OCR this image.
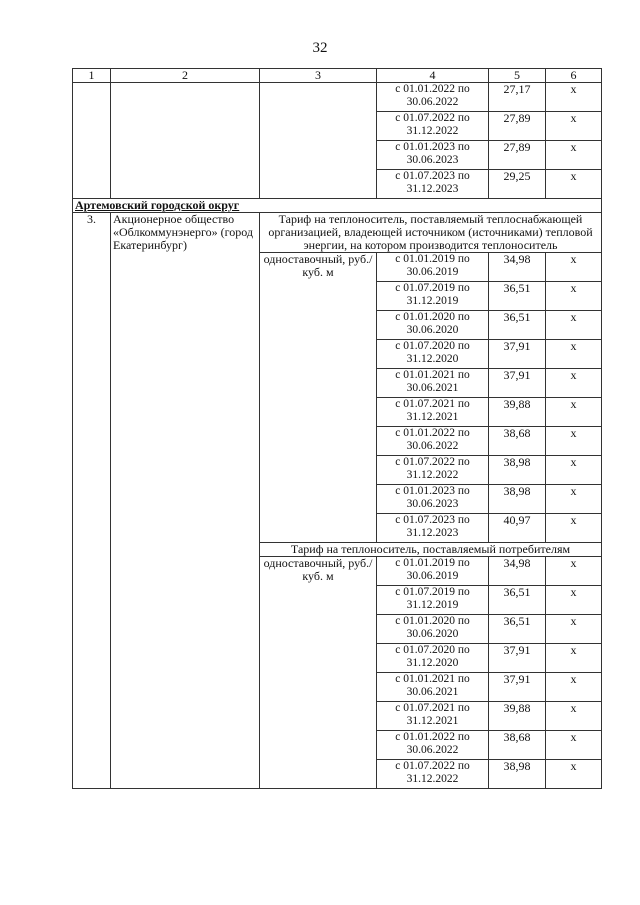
32
1	2	3	4	5	6
			с 01.01.2022 по 30.06.2022	27,17	x
			с 01.07.2022 по 31.12.2022	27,89	x
			с 01.01.2023 по 30.06.2023	27,89	x
			с 01.07.2023 по 31.12.2023	29,25	x
Артемовский городской округ					
3.	Акционерное общество «Облкоммунэнерго» (город Екатеринбург)	Тариф на теплоноситель, поставляемый теплоснабжающей организацией, владеющей источником (источниками) тепловой энергии, на котором производится теплоноситель			
		одноставочный, руб./куб. м	с 01.01.2019 по 30.06.2019	34,98	x
			с 01.07.2019 по 31.12.2019	36,51	x
			с 01.01.2020 по 30.06.2020	36,51	x
			с 01.07.2020 по 31.12.2020	37,91	x
			с 01.01.2021 по 30.06.2021	37,91	x
			с 01.07.2021 по 31.12.2021	39,88	x
			с 01.01.2022 по 30.06.2022	38,68	x
			с 01.07.2022 по 31.12.2022	38,98	x
			с 01.01.2023 по 30.06.2023	38,98	x
			с 01.07.2023 по 31.12.2023	40,97	x
		Тариф на теплоноситель, поставляемый потребителям			
		одноставочный, руб./куб. м	с 01.01.2019 по 30.06.2019	34,98	x
			с 01.07.2019 по 31.12.2019	36,51	x
			с 01.01.2020 по 30.06.2020	36,51	x
			с 01.07.2020 по 31.12.2020	37,91	x
			с 01.01.2021 по 30.06.2021	37,91	x
			с 01.07.2021 по 31.12.2021	39,88	x
			с 01.01.2022 по 30.06.2022	38,68	x
			с 01.07.2022 по 31.12.2022	38,98	x
